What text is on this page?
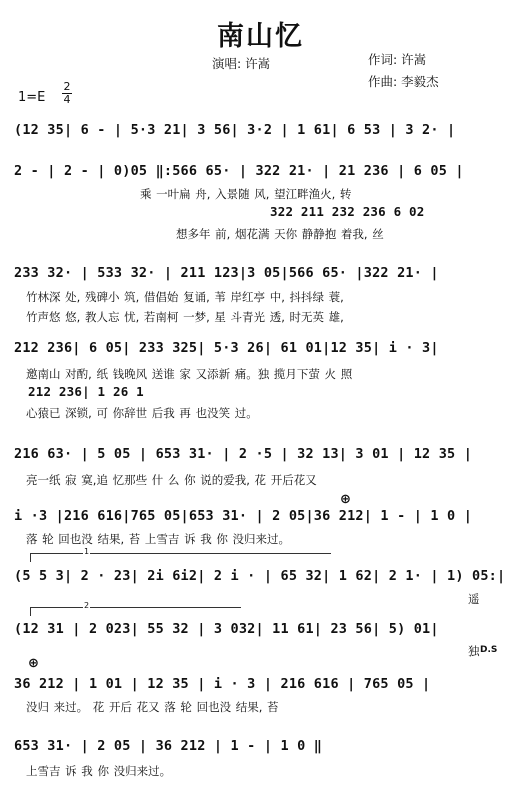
南山忆
演唱: 许嵩	作词: 许嵩
作曲: 李毅杰
1=E
2
4
(12 35| 6 - | 5·3 21| 3 56| 3·2 | 1 61| 6 53 | 3 2· |
2 - | 2 - | 0)05 ‖:566 65· | 322 21· | 21 236 | 6 05 |
乘 一叶扁 舟, 入景随 风, 望江畔渔火, 转
322 211 232 236 6 02
想多年 前, 烟花满 天你 静静抱 着我, 丝
233 32· | 533 32· | 211 123|3 05|566 65· |322 21· |
竹林深 处, 残碑小 筑, 借倡始 复诵, 苇 岸红亭 中, 抖抖绿 蓑,
竹声悠 悠, 教人忘 忧, 若南柯 一梦, 星 斗青光 透, 时无英 雄,
212 236| 6 05| 233 325| 5·3 26| 61 01|12 35| i · 3|
邀南山 对酌, 纸 钱晚风 送谁 家 又添新 痛。独 揽月下萤 火 照
212 236| 1 26 1
心猿已 深锁, 可 你辞世 后我 再 也没笑 过。
216 63· | 5 05 | 653 31· | 2 ·5 | 32 13| 3 01 | 12 35 |
亮一纸 寂 寞,追 忆那些 什 么 你 说的爱我, 花 开后花又
⊕
i ·3 |216 616|765 05|653 31· | 2 05|36 212| 1 - | 1 0 |
落 轮 回也没 结果, 苔 上雪吉 诉 我 你 没归来过。
1
(5 5 3| 2 · 23| 2i 6i2| 2 i · | 65 32| 1 62| 2 1· | 1) 05:|
遥
2
(12 31 | 2 023| 55 32 | 3 032| 11 61| 23 56| 5) 01|
独 D.S
⊕
36 212 | 1 01 | 12 35 | i · 3 | 216 616 | 765 05 |
没归 来过。 花 开后 花又 落 轮 回也没 结果, 苔
653 31· | 2 05 | 36 212 | 1 - | 1 0 ‖
上雪吉 诉 我 你 没归来过。
